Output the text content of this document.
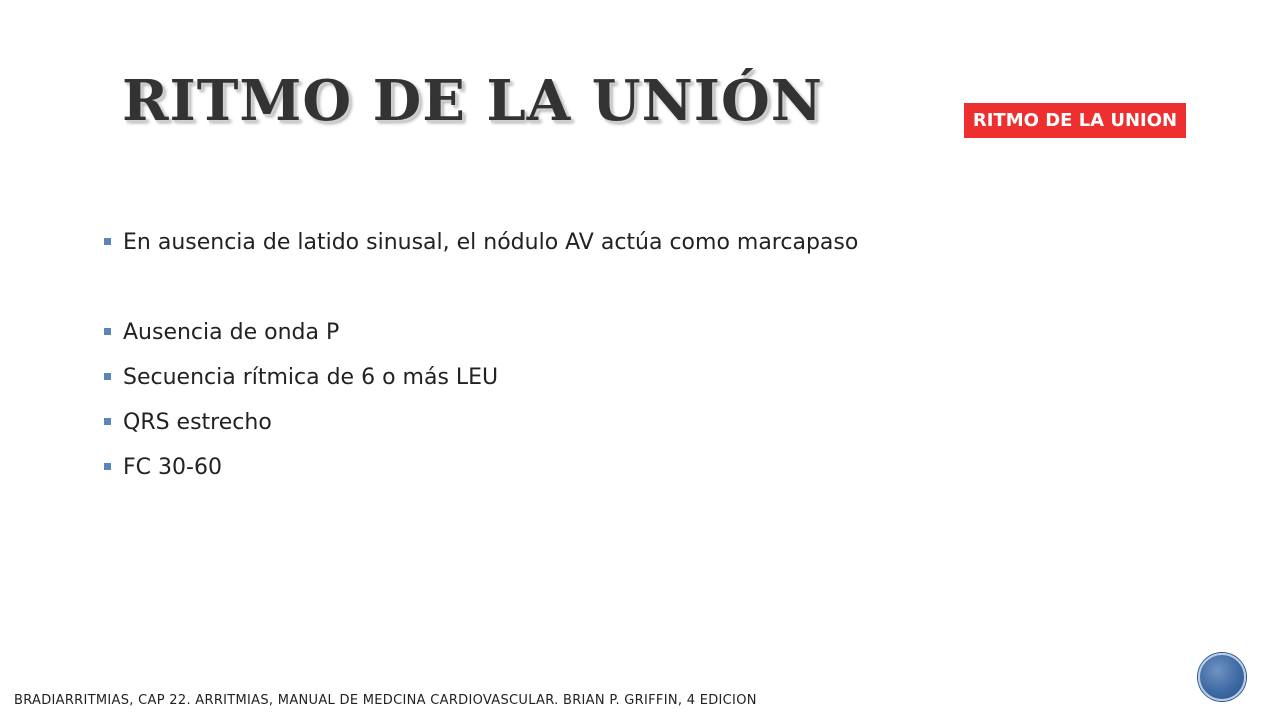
RITMO DE LA UNIÓN	RITMO DE LA UNION
En ausencia de latido sinusal, el nódulo AV actúa como marcapaso
Ausencia de onda P
Secuencia rítmica de 6 o más LEU
QRS estrecho
FC 30-60
BRADIARRITMIAS, CAP 22. ARRITMIAS, MANUAL DE MEDCINA CARDIOVASCULAR. BRIAN P. GRIFFIN, 4 EDICION
